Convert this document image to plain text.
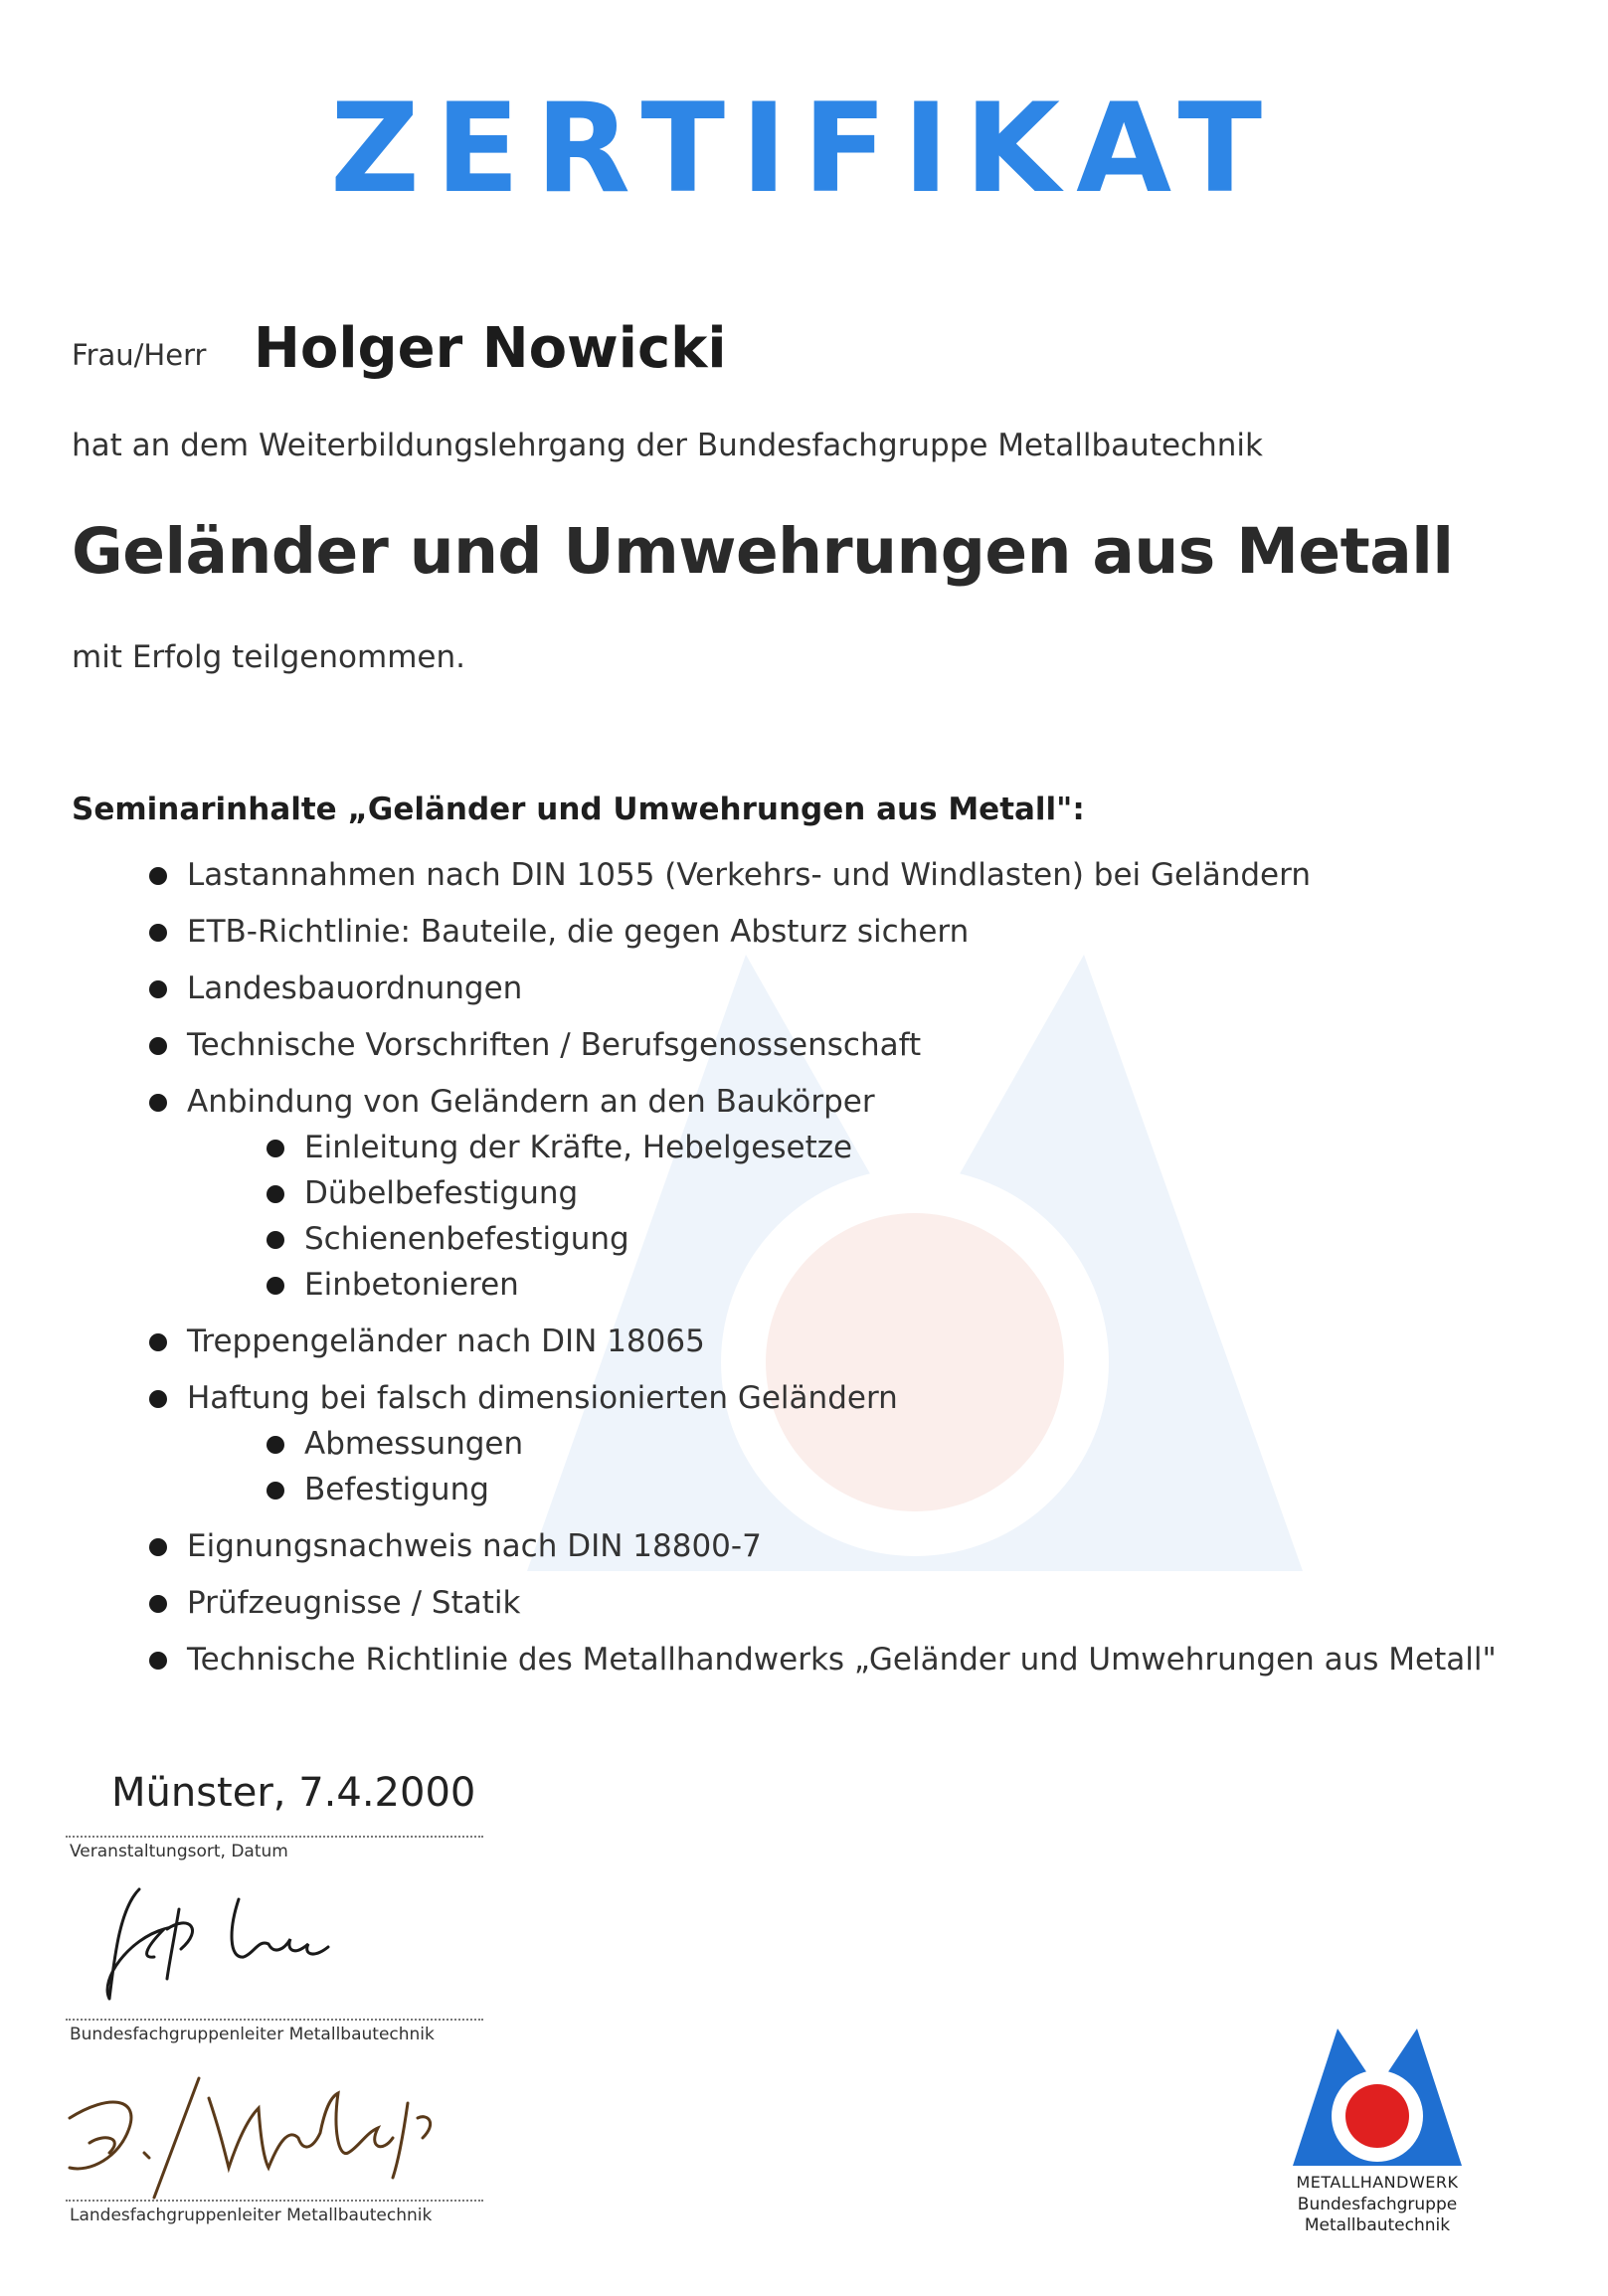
ZERTIFIKAT
Frau/Herr Holger Nowicki
hat an dem Weiterbildungslehrgang der Bundesfachgruppe Metallbautechnik
Geländer und Umwehrungen aus Metall
mit Erfolg teilgenommen.
Seminarinhalte „Geländer und Umwehrungen aus Metall":
Lastannahmen nach DIN 1055 (Verkehrs- und Windlasten) bei Geländern
ETB-Richtlinie: Bauteile, die gegen Absturz sichern
Landesbauordnungen
Technische Vorschriften / Berufsgenossenschaft
Anbindung von Geländern an den Baukörper
Einleitung der Kräfte, Hebelgesetze
Dübelbefestigung
Schienenbefestigung
Einbetonieren
Treppengeländer nach DIN 18065
Haftung bei falsch dimensionierten Geländern
Abmessungen
Befestigung
Eignungsnachweis nach DIN 18800-7
Prüfzeugnisse / Statik
Technische Richtlinie des Metallhandwerks „Geländer und Umwehrungen aus Metall"
Münster, 7.4.2000
Veranstaltungsort, Datum
Bundesfachgruppenleiter Metallbautechnik
Landesfachgruppenleiter Metallbautechnik
METALLHANDWERK
Bundesfachgruppe
Metallbautechnik
